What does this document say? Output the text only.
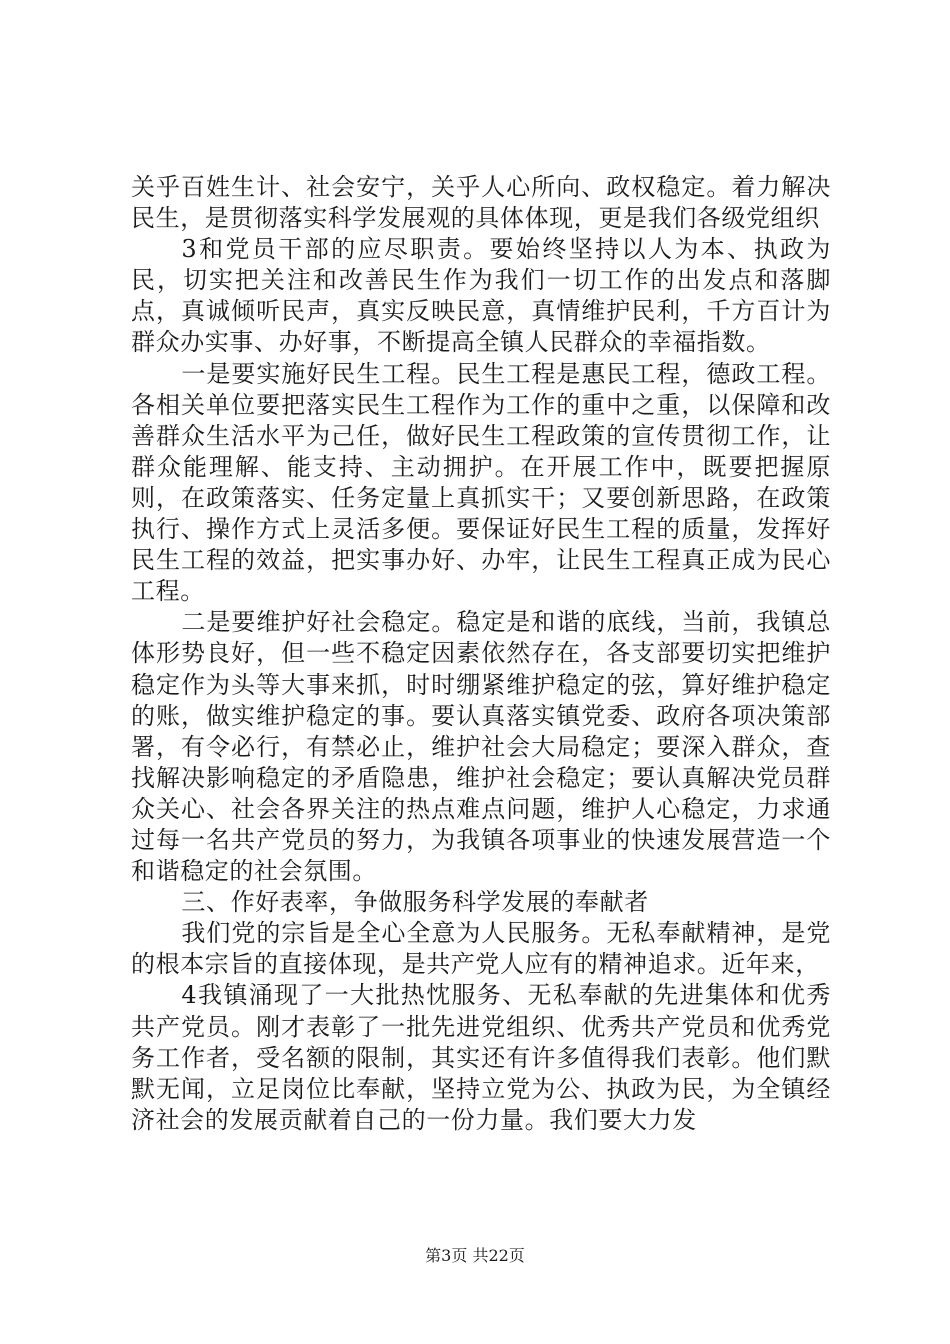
关乎百姓生计、社会安宁，关乎人心所向、政权稳定。着力解决民生，是贯彻落实科学发展观的具体体现，更是我们各级党组织

3和党员干部的应尽职责。要始终坚持以人为本、执政为民，切实把关注和改善民生作为我们一切工作的出发点和落脚点，真诚倾听民声，真实反映民意，真情维护民利，千方百计为群众办实事、办好事，不断提高全镇人民群众的幸福指数。

一是要实施好民生工程。民生工程是惠民工程，德政工程。各相关单位要把落实民生工程作为工作的重中之重，以保障和改善群众生活水平为己任，做好民生工程政策的宣传贯彻工作，让群众能理解、能支持、主动拥护。在开展工作中，既要把握原则，在政策落实、任务定量上真抓实干；又要创新思路，在政策执行、操作方式上灵活多便。要保证好民生工程的质量，发挥好民生工程的效益，把实事办好、办牢，让民生工程真正成为民心工程。

二是要维护好社会稳定。稳定是和谐的底线，当前，我镇总体形势良好，但一些不稳定因素依然存在，各支部要切实把维护稳定作为头等大事来抓，时时绷紧维护稳定的弦，算好维护稳定的账，做实维护稳定的事。要认真落实镇党委、政府各项决策部署，有令必行，有禁必止，维护社会大局稳定；要深入群众，查找解决影响稳定的矛盾隐患，维护社会稳定；要认真解决党员群众关心、社会各界关注的热点难点问题，维护人心稳定，力求通过每一名共产党员的努力，为我镇各项事业的快速发展营造一个和谐稳定的社会氛围。

三、作好表率，争做服务科学发展的奉献者

我们党的宗旨是全心全意为人民服务。无私奉献精神，是党的根本宗旨的直接体现，是共产党人应有的精神追求。近年来，

4我镇涌现了一大批热忱服务、无私奉献的先进集体和优秀共产党员。刚才表彰了一批先进党组织、优秀共产党员和优秀党务工作者，受名额的限制，其实还有许多值得我们表彰。他们默默无闻，立足岗位比奉献，坚持立党为公、执政为民，为全镇经济社会的发展贡献着自己的一份力量。我们要大力发

第3页 共22页
